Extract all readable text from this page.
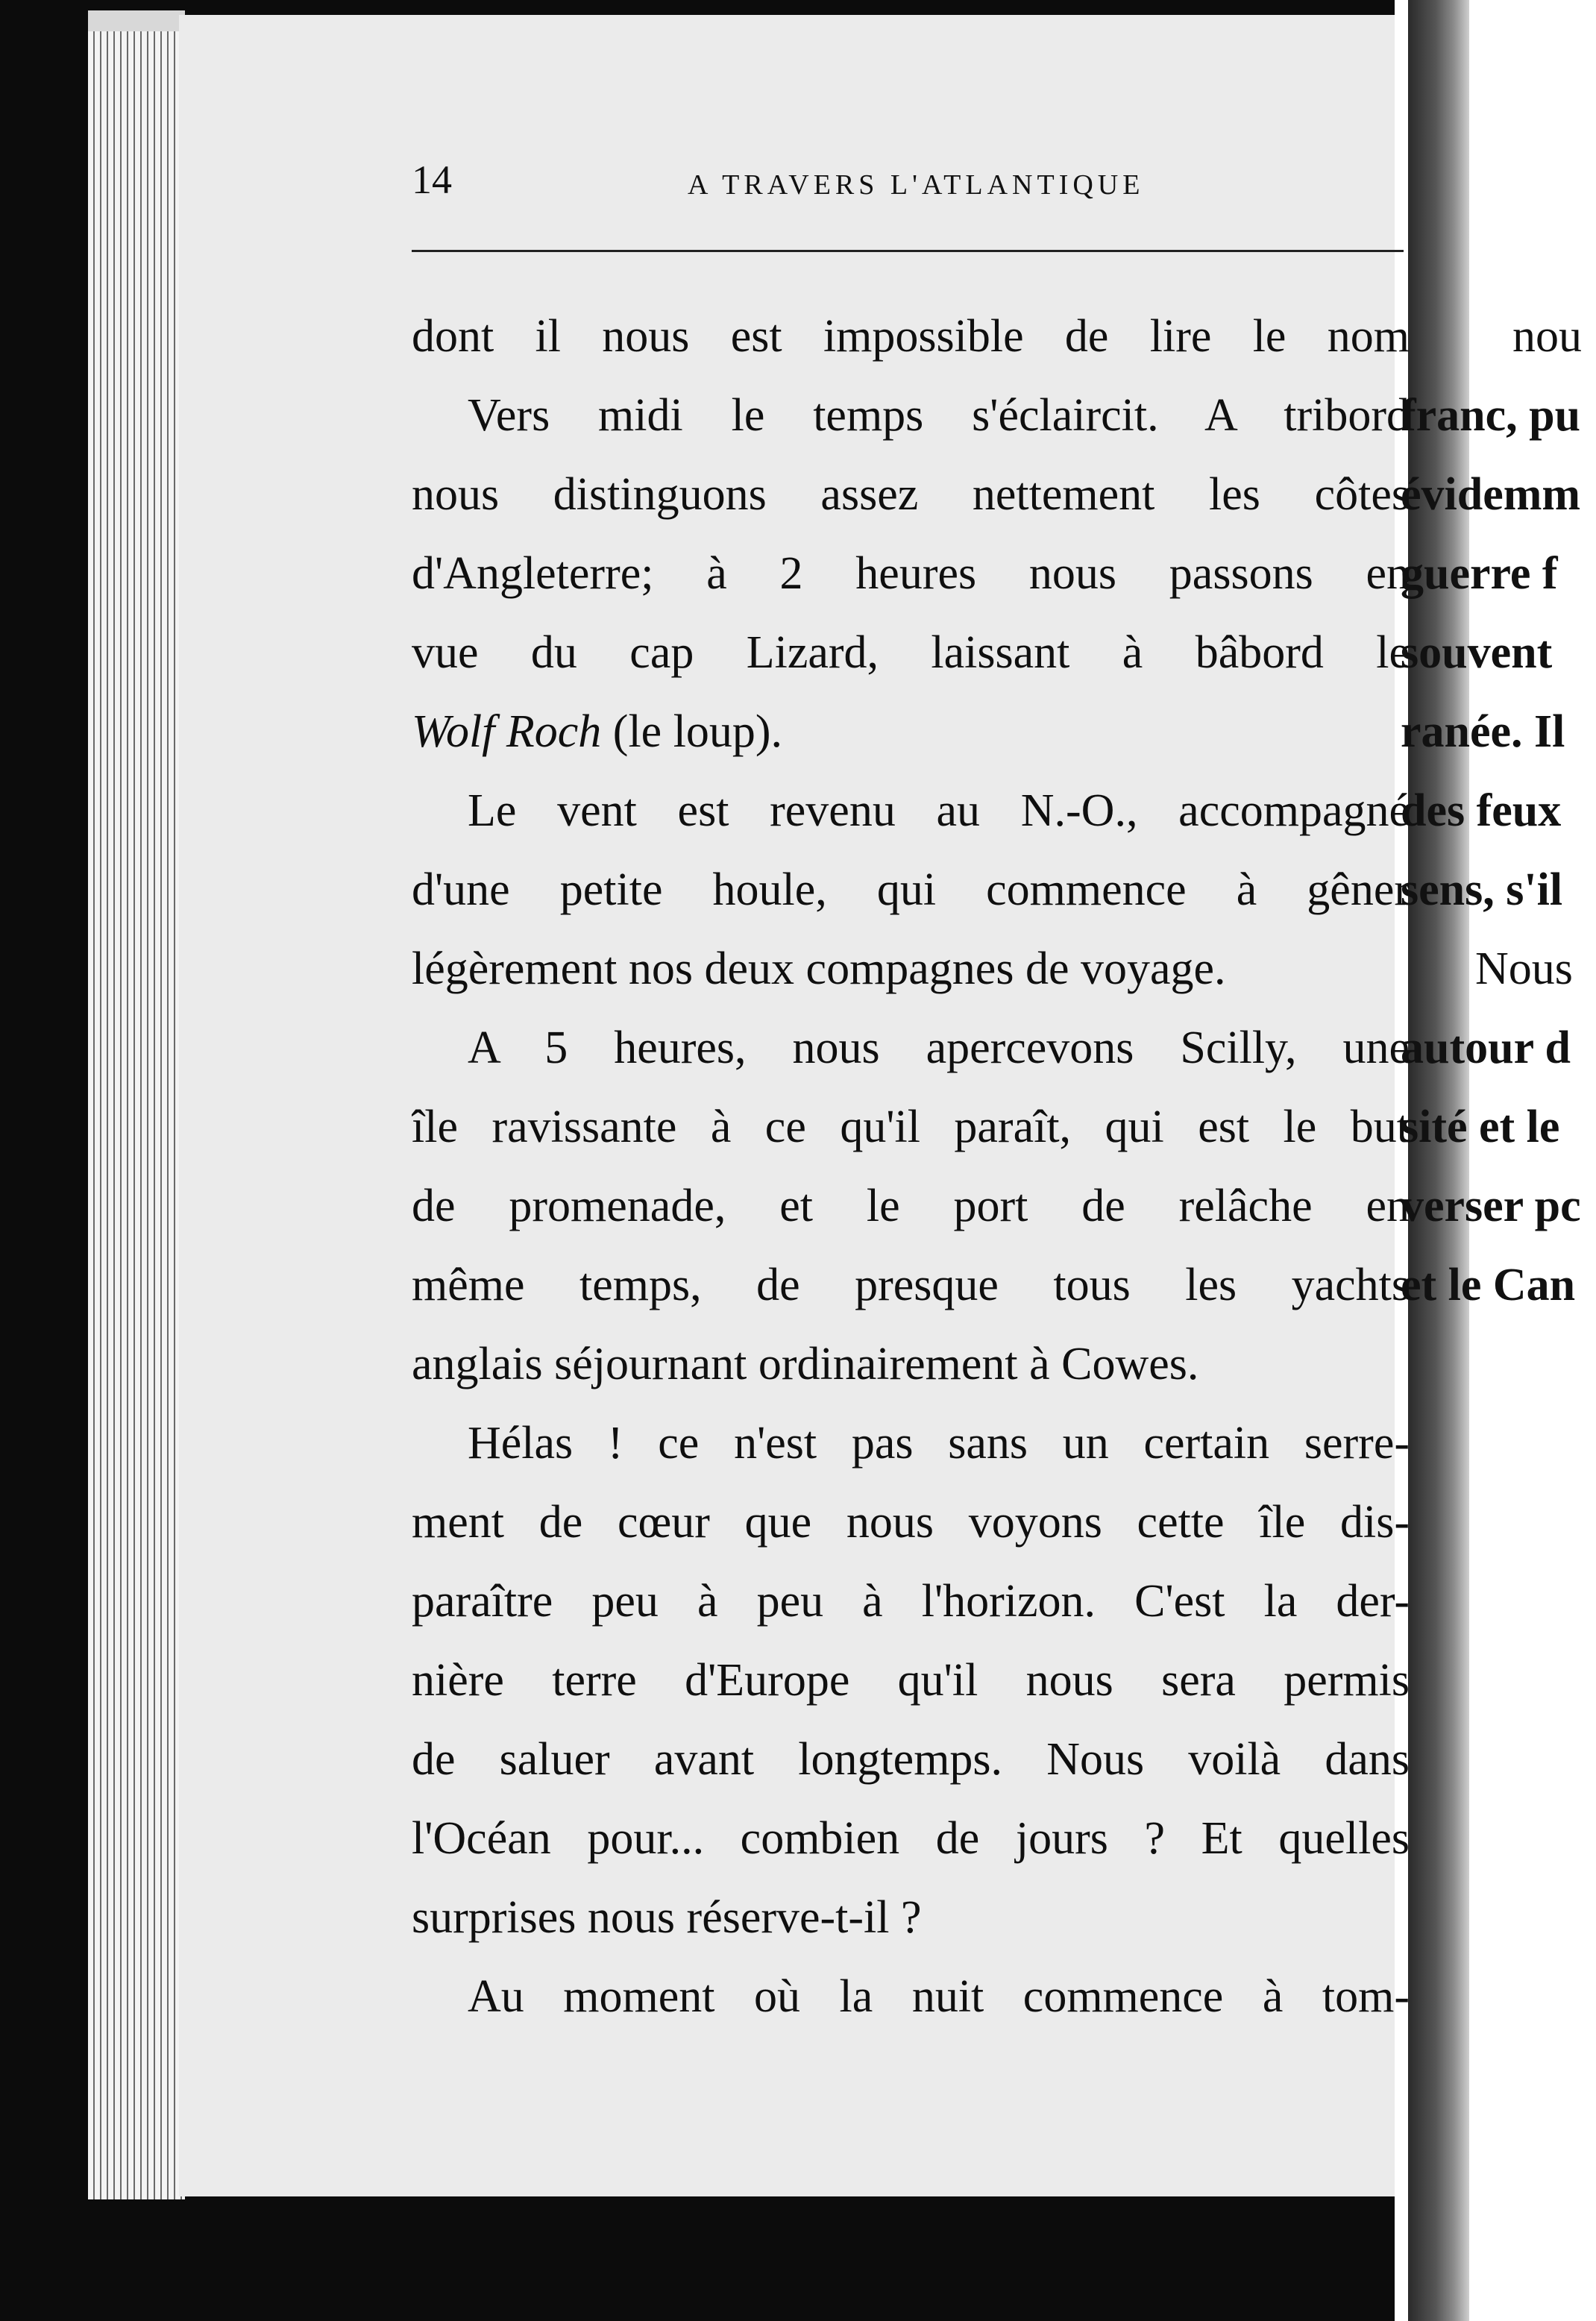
14	A TRAVERS L'ATLANTIQUE
dont il nous est impossible de lire le nom
Vers midi le temps s'éclaircit. A tribord
nous distinguons assez nettement les côtes
d'Angleterre; à 2 heures nous passons en
vue du cap Lizard, laissant à bâbord le
Wolf Roch (le loup).
Le vent est revenu au N.-O., accompagné
d'une petite houle, qui commence à gêner
légèrement nos deux compagnes de voyage.
A 5 heures, nous apercevons Scilly, une
île ravissante à ce qu'il paraît, qui est le but
de promenade, et le port de relâche en
même temps, de presque tous les yachts
anglais séjournant ordinairement à Cowes.
Hélas ! ce n'est pas sans un certain serre-
ment de cœur que nous voyons cette île dis-
paraître peu à peu à l'horizon. C'est la der-
nière terre d'Europe qu'il nous sera permis
de saluer avant longtemps. Nous voilà dans
l'Océan pour... combien de jours ? Et quelles
surprises nous réserve-t-il ?
Au moment où la nuit commence à tom-
nou
franc, pu
évidemm
guerre f
souvent
ranée. Il
des feux
sens, s'il
Nous
autour d
sité et le
verser pc
et le Can
